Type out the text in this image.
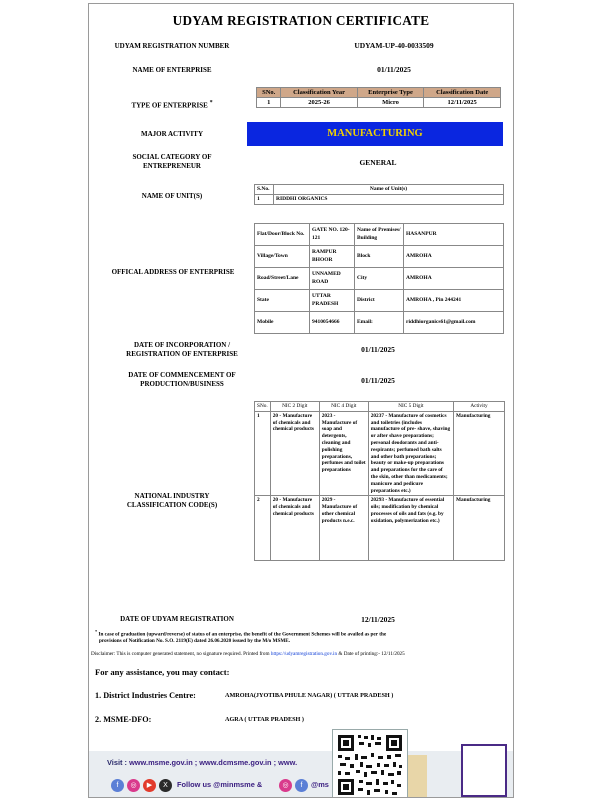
UDYAM REGISTRATION CERTIFICATE
UDYAM REGISTRATION NUMBER	UDYAM-UP-40-0033509
NAME OF ENTERPRISE	01/11/2025
TYPE OF ENTERPRISE *
SNo.	Classification Year	Enterprise Type	Classification Date
1	2025-26	Micro	12/11/2025
MAJOR ACTIVITY	MANUFACTURING
SOCIAL CATEGORY OF
ENTREPRENEUR	GENERAL
NAME OF UNIT(S)
S.No.	Name of Unit(s)
1	RIDDHI ORGANICS
OFFICAL ADDRESS OF ENTERPRISE
Flat/Door/Block No.	GATE NO. 120-121	Name of Premises/ Building	HASANPUR
Village/Town	RAMPUR BHOOR	Block	AMROHA
Road/Street/Lane	UNNAMED ROAD	City	AMROHA
State	UTTAR PRADESH	District	AMROHA , Pin 244241
Mobile	9410054666	Email:	riddhiorganics61@gmail.com
DATE OF INCORPORATION /
REGISTRATION OF ENTERPRISE	01/11/2025
DATE OF COMMENCEMENT OF
PRODUCTION/BUSINESS	01/11/2025
NATIONAL INDUSTRY
CLASSIFICATION CODE(S)
SNo.	NIC 2 Digit	NIC 4 Digit	NIC 5 Digit	Activity
1	20 - Manufacture of chemicals and chemical products	2023 - Manufacture of soap and detergents, cleaning and polishing preparations, perfumes and toilet preparations	20237 - Manufacture of cosmetics and toiletries (includes manufacture of pre- shave, shaving or after shave preparations; personal deodorants and anti- respirants; perfumed bath salts and other bath preparations; beauty or make-up preparations and preparations for the care of the skin, other than medicaments; manicure and pedicure preparations etc.)	Manufacturing
2	20 - Manufacture of chemicals and chemical products	2029 - Manufacture of other chemical products n.e.c.	20293 - Manufacture of essential oils; modification by chemical processes of oils and fats (e.g. by oxidation, polymerization etc.)	Manufacturing
DATE OF UDYAM REGISTRATION	12/11/2025
* In case of graduation (upward/reverse) of status of an enterprise, the benefit of the Government Schemes will be availed as per the
provisions of Notification No. S.O. 2119(E) dated 26.06.2020 issued by the M/o MSME.
Disclaimer: This is computer generated statement, no signature required. Printed from https://udyamregistration.gov.in & Date of printing:- 12/11/2025
For any assistance, you may contact:
1. District Industries Centre:	AMROHA(JYOTIBA PHULE NAGAR) ( UTTAR PRADESH )
2. MSME-DFO:	AGRA ( UTTAR PRADESH )
Visit : www.msme.gov.in ; www.dcmsme.gov.in ; www.
f	◎	▶	X	Follow us @minmsme &	◎	f	@ms
